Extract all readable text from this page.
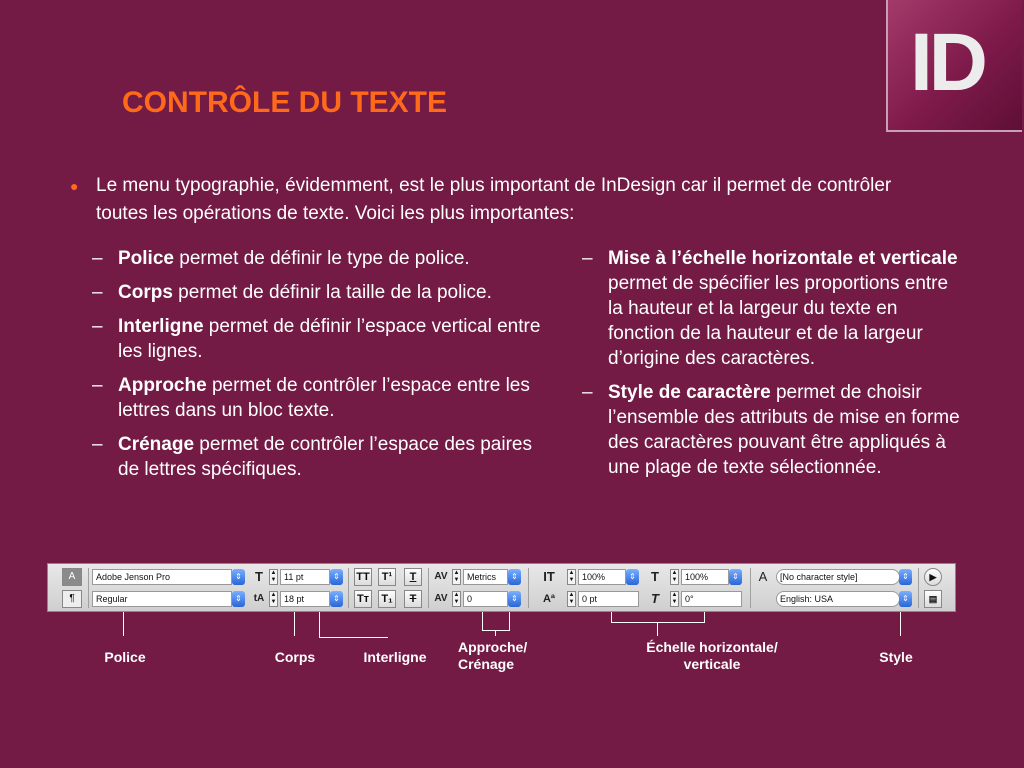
ID
CONTRÔLE DU TEXTE
● Le menu typographie, évidemment, est le plus important de InDesign car il permet de contrôler toutes les opérations de texte. Voici les plus importantes:
– Police permet de définir le type de police.
– Corps permet de définir la taille de la police.
– Interligne permet de définir l’espace vertical entre les lignes.
– Approche permet de contrôler l’espace entre les lettres dans un bloc texte.
– Crénage permet de contrôler l’espace des paires de lettres spécifiques.
– Mise à l’échelle horizontale et verticale permet de spécifier les proportions entre la hauteur et la largeur du texte en fonction de la hauteur et de la largeur d’origine des caractères.
– Style de caractère permet de choisir l’ensemble des attributs de mise en forme des caractères pouvant être appliqués à une plage de texte sélectionnée.
A
¶
Adobe Jenson Pro	⇕
Regular	⇕
T	▲
▼ 11 pt	⇕
tA	▲
▼ 18 pt	⇕
TT	T¹
Tт	T₁
T
T
AV ▲
▼ Metrics	⇕
AV ▲
▼ 0	⇕
IT	▲
▼ 100%	⇕
Aª	▲
▼ 0 pt
T	▲
▼ 100%	⇕
T	▲
▼ 0°
A	[No character style]	⇕
English: USA	⇕
▶
▤
Police	Corps	Interligne
Approche/
Crénage
Échelle horizontale/
verticale	Style
